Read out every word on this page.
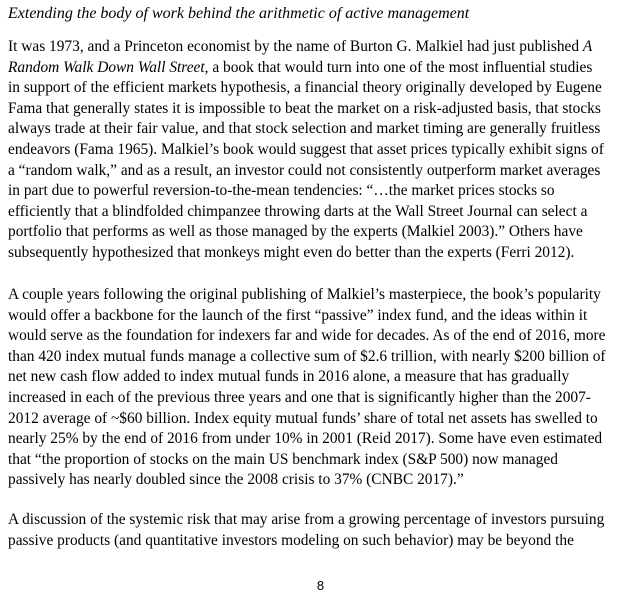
Extending the body of work behind the arithmetic of active management

It was 1973, and a Princeton economist by the name of Burton G. Malkiel had just published A
Random Walk Down Wall Street, a book that would turn into one of the most influential studies
in support of the efficient markets hypothesis, a financial theory originally developed by Eugene
Fama that generally states it is impossible to beat the market on a risk-adjusted basis, that stocks
always trade at their fair value, and that stock selection and market timing are generally fruitless
endeavors (Fama 1965). Malkiel’s book would suggest that asset prices typically exhibit signs of
a “random walk,” and as a result, an investor could not consistently outperform market averages
in part due to powerful reversion-to-the-mean tendencies: “…the market prices stocks so
efficiently that a blindfolded chimpanzee throwing darts at the Wall Street Journal can select a
portfolio that performs as well as those managed by the experts (Malkiel 2003).” Others have
subsequently hypothesized that monkeys might even do better than the experts (Ferri 2012).

A couple years following the original publishing of Malkiel’s masterpiece, the book’s popularity
would offer a backbone for the launch of the first “passive” index fund, and the ideas within it
would serve as the foundation for indexers far and wide for decades. As of the end of 2016, more
than 420 index mutual funds manage a collective sum of $2.6 trillion, with nearly $200 billion of
net new cash flow added to index mutual funds in 2016 alone, a measure that has gradually
increased in each of the previous three years and one that is significantly higher than the 2007-
2012 average of ~$60 billion. Index equity mutual funds’ share of total net assets has swelled to
nearly 25% by the end of 2016 from under 10% in 2001 (Reid 2017). Some have even estimated
that “the proportion of stocks on the main US benchmark index (S&P 500) now managed
passively has nearly doubled since the 2008 crisis to 37% (CNBC 2017).”

A discussion of the systemic risk that may arise from a growing percentage of investors pursuing
passive products (and quantitative investors modeling on such behavior) may be beyond the

8
